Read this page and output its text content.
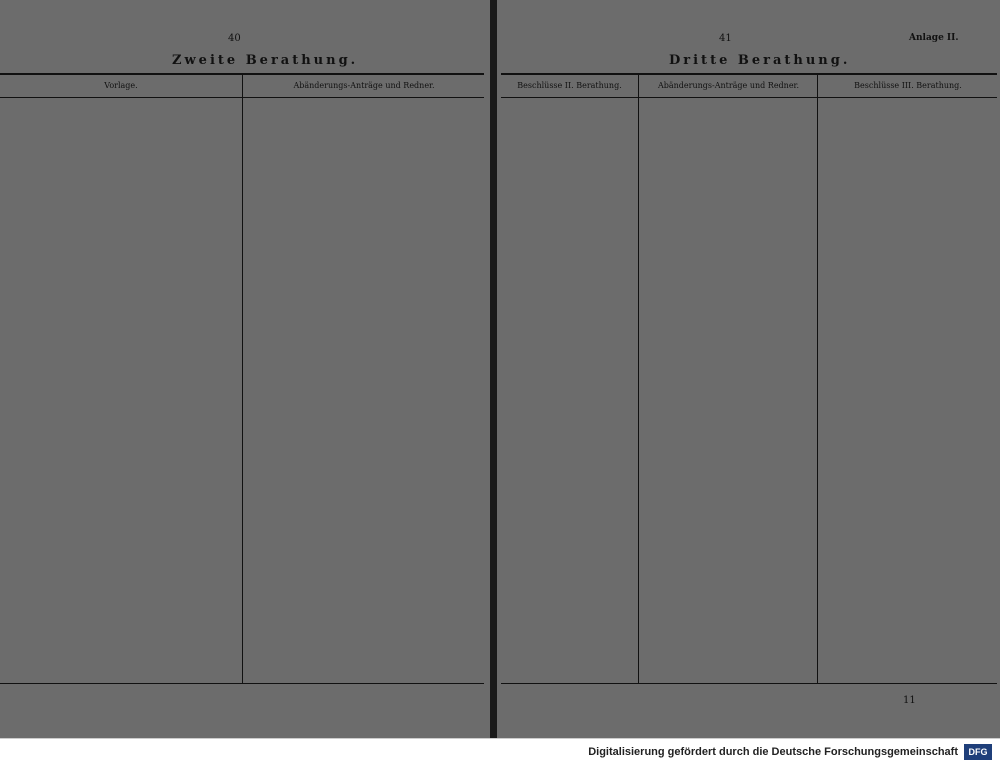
40
Zweite Berathung.
Vorlage.	Abänderungs-Anträge und Redner.
41	Anlage II.
Dritte Berathung.
Beschlüsse II. Berathung.	Abänderungs-Anträge und Redner.	Beschlüsse III. Berathung.
11
Digitalisierung gefördert durch die Deutsche Forschungsgemeinschaft	DFG
